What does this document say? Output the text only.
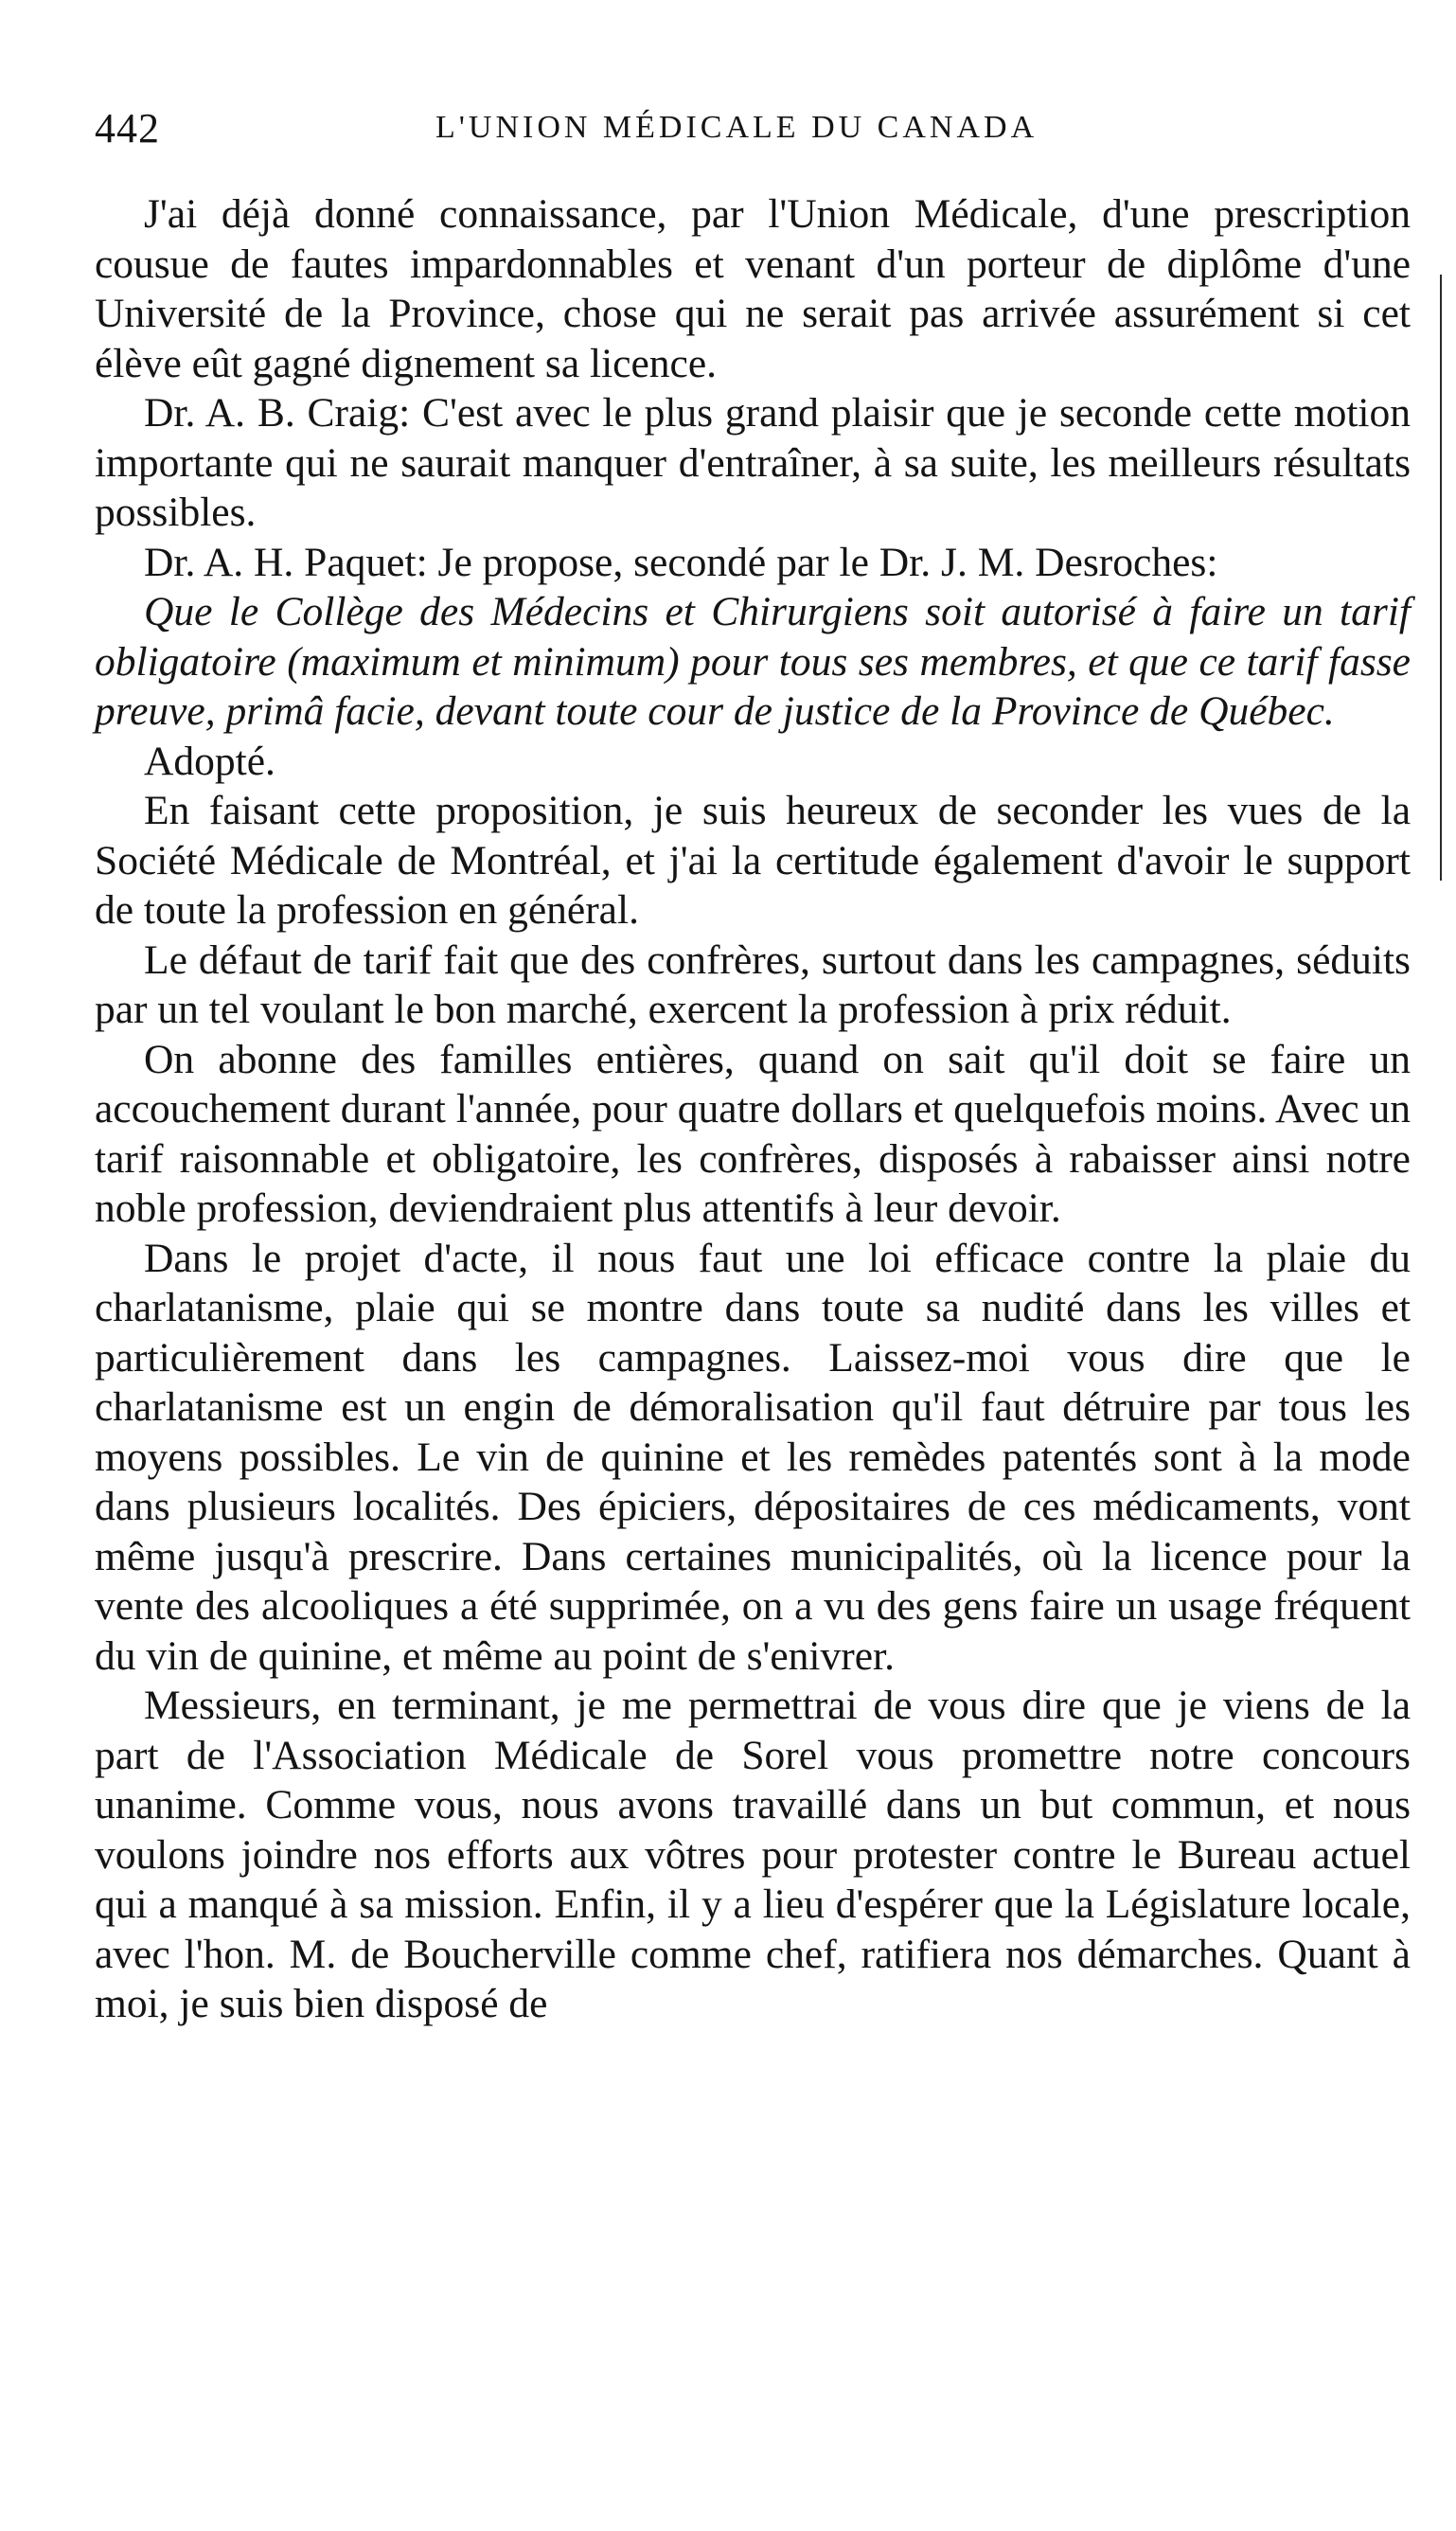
442	L'UNION MÉDICALE DU CANADA

J'ai déjà donné connaissance, par l'Union Médicale, d'une prescription cousue de fautes impardonnables et venant d'un porteur de diplôme d'une Université de la Province, chose qui ne serait pas arrivée assurément si cet élève eût gagné dignement sa licence.

Dr. A. B. Craig: C'est avec le plus grand plaisir que je seconde cette motion importante qui ne saurait manquer d'entraîner, à sa suite, les meilleurs résultats possibles.

Dr. A. H. Paquet: Je propose, secondé par le Dr. J. M. Desroches:

Que le Collège des Médecins et Chirurgiens soit autorisé à faire un tarif obligatoire (maximum et minimum) pour tous ses membres, et que ce tarif fasse preuve, primâ facie, devant toute cour de justice de la Province de Québec.

Adopté.

En faisant cette proposition, je suis heureux de seconder les vues de la Société Médicale de Montréal, et j'ai la certitude également d'avoir le support de toute la profession en général.

Le défaut de tarif fait que des confrères, surtout dans les campagnes, séduits par un tel voulant le bon marché, exercent la profession à prix réduit.

On abonne des familles entières, quand on sait qu'il doit se faire un accouchement durant l'année, pour quatre dollars et quelquefois moins. Avec un tarif raisonnable et obligatoire, les confrères, disposés à rabaisser ainsi notre noble profession, deviendraient plus attentifs à leur devoir.

Dans le projet d'acte, il nous faut une loi efficace contre la plaie du charlatanisme, plaie qui se montre dans toute sa nudité dans les villes et particulièrement dans les campagnes. Laissez-moi vous dire que le charlatanisme est un engin de démoralisation qu'il faut détruire par tous les moyens possibles. Le vin de quinine et les remèdes patentés sont à la mode dans plusieurs localités. Des épiciers, dépositaires de ces médicaments, vont même jusqu'à prescrire. Dans certaines municipalités, où la licence pour la vente des alcooliques a été supprimée, on a vu des gens faire un usage fréquent du vin de quinine, et même au point de s'enivrer.

Messieurs, en terminant, je me permettrai de vous dire que je viens de la part de l'Association Médicale de Sorel vous promettre notre concours unanime. Comme vous, nous avons travaillé dans un but commun, et nous voulons joindre nos efforts aux vôtres pour protester contre le Bureau actuel qui a manqué à sa mission. Enfin, il y a lieu d'espérer que la Législature locale, avec l'hon. M. de Boucherville comme chef, ratifiera nos démarches. Quant à moi, je suis bien disposé de
